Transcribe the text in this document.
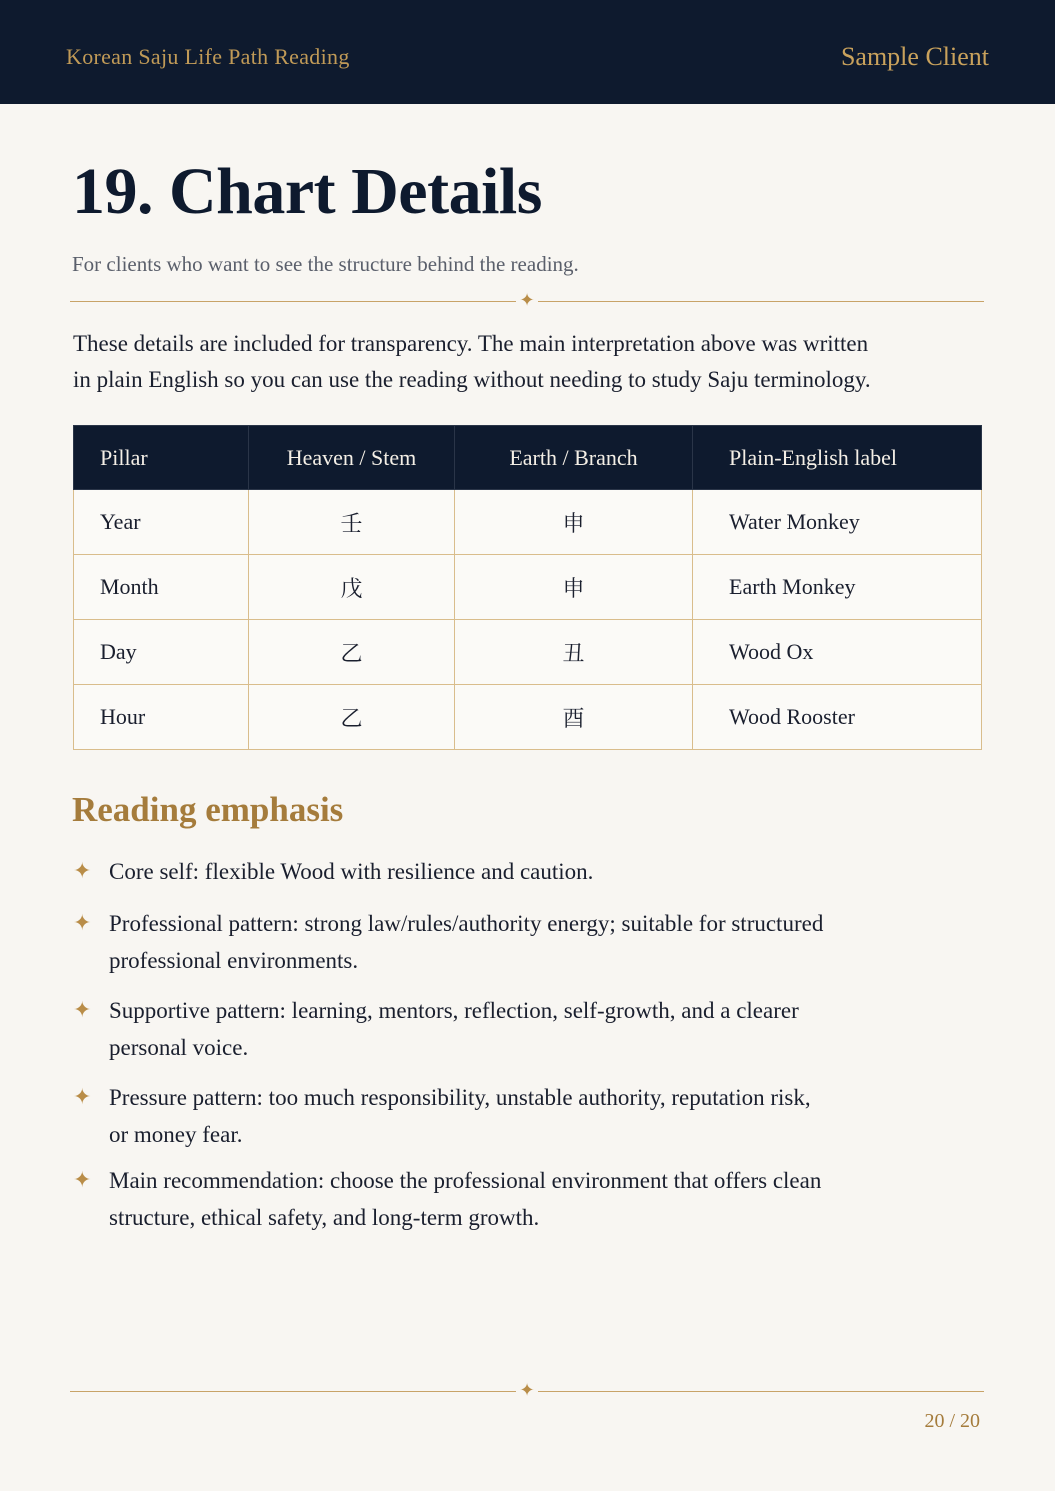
Korean Saju Life Path Reading	Sample Client
19. Chart Details
For clients who want to see the structure behind the reading.
✦

These details are included for transparency. The main interpretation above was written
in plain English so you can use the reading without needing to study Saju terminology.

Pillar	Heaven / Stem	Earth / Branch	Plain-English label
Year	壬	申	Water Monkey
Month	戊	申	Earth Monkey
Day	乙	丑	Wood Ox
Hour	乙	酉	Wood Rooster
Reading emphasis
✦ Core self: flexible Wood with resilience and caution.
✦ Professional pattern: strong law/rules/authority energy; suitable for structured
professional environments.
✦ Supportive pattern: learning, mentors, reflection, self-growth, and a clearer
personal voice.
✦ Pressure pattern: too much responsibility, unstable authority, reputation risk,
or money fear.
✦ Main recommendation: choose the professional environment that offers clean
structure, ethical safety, and long-term growth.
✦
20 / 20
